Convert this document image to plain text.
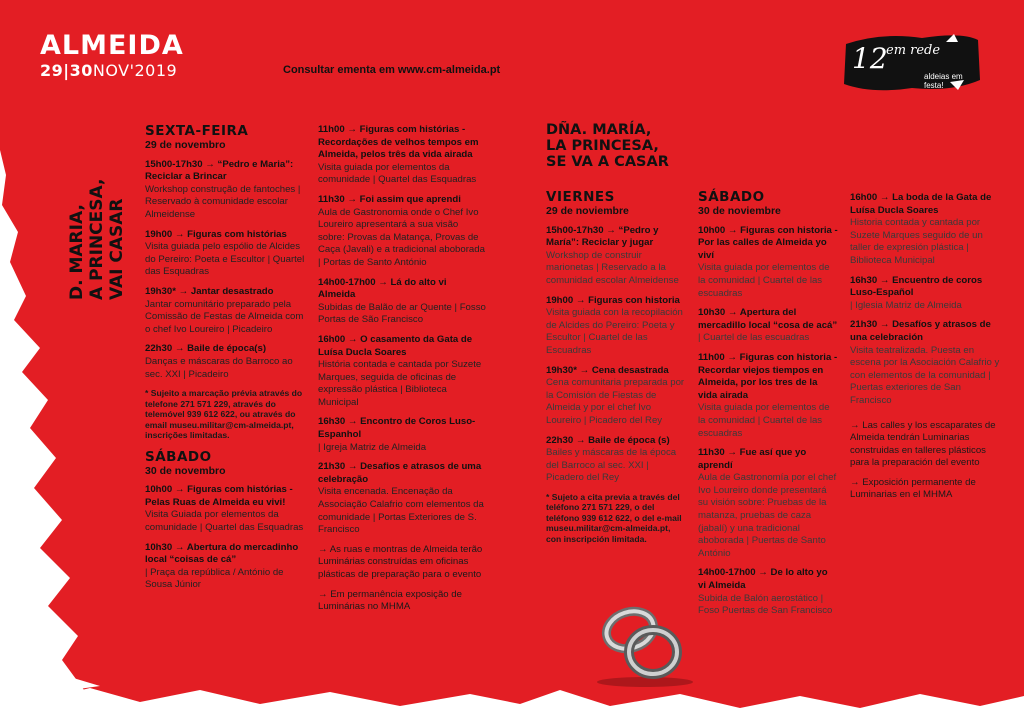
ALMEIDA
29|30NOV'2019	Consultar ementa em www.cm-almeida.pt	12
em rede
aldeias em festa!
D. MARIA, A PRINCESA, VAI CASAR
SEXTA-FEIRA
29 de novembro
15h00-17h30 → “Pedro e Maria”: Reciclar a Brincar
Workshop construção de fantoches | Reservado à comunidade escolar Almeidense
19h00 → Figuras com histórias
Visita guiada pelo espólio de Alcides do Pereiro: Poeta e Escultor | Quartel das Esquadras
19h30* → Jantar desastrado
Jantar comunitário preparado pela Comissão de Festas de Almeida com o chef Ivo Loureiro | Picadeiro
22h30 → Baile de época(s)
Danças e máscaras do Barroco ao sec. XXI | Picadeiro
* Sujeito a marcação prévia através do telefone 271 571 229, através do telemóvel 939 612 622, ou através do email museu.militar@cm-almeida.pt, inscrições limitadas.
SÁBADO
30 de novembro
10h00 → Figuras com histórias - Pelas Ruas de Almeida eu vivi!
Visita Guiada por elementos da comunidade | Quartel das Esquadras
10h30 → Abertura do mercadinho local “coisas de cá”
| Praça da república / António de Sousa Júnior
11h00 → Figuras com histórias - Recordações de velhos tempos em Almeida, pelos três da vida airada
Visita guiada por elementos da comunidade | Quartel das Esquadras
11h30 → Foi assim que aprendi
Aula de Gastronomia onde o Chef Ivo Loureiro apresentará a sua visão sobre: Provas da Matança, Provas de Caça (Javali) e a tradicional aboborada | Portas de Santo António
14h00-17h00 → Lá do alto vi Almeida
Subidas de Balão de ar Quente | Fosso Portas de São Francisco
16h00 → O casamento da Gata de Luísa Ducla Soares
História contada e cantada por Suzete Marques, seguida de oficinas de expressão plástica | Biblioteca Municipal
16h30 → Encontro de Coros Luso-Espanhol
| Igreja Matriz de Almeida
21h30 → Desafios e atrasos de uma celebração
Visita encenada. Encenação da Associação Calafrio com elementos da comunidade | Portas Exteriores de S. Francisco
→ As ruas e montras de Almeida terão Luminárias construídas em oficinas plásticas de preparação para o evento
→ Em permanência exposição de Luminárias no MHMA
DÑA. MARÍA,
LA PRINCESA,
SE VA A CASAR
VIERNES
29 de noviembre
15h00-17h30 → “Pedro y María”: Reciclar y jugar
Workshop de construir marionetas | Reservado a la comunidad escolar Almeidense
19h00 → Figuras con historia
Visita guiada con la recopilación de Alcides do Pereiro: Poeta y Escultor | Cuartel de las Escuadras
19h30* → Cena desastrada
Cena comunitaria preparada por la Comisión de Fiestas de Almeida y por el chef Ivo Loureiro | Picadero del Rey
22h30 → Baile de época (s)
Bailes y máscaras de la época del Barroco al sec. XXI | Picadero del Rey
* Sujeto a cita previa a través del teléfono 271 571 229, o del teléfono 939 612 622, o del e-mail museu.militar@cm-almeida.pt, con inscripción limitada.
SÁBADO
30 de noviembre
10h00 → Figuras con historia - Por las calles de Almeida yo viví
Visita guiada por elementos de la comunidad | Cuartel de las escuadras
10h30 → Apertura del mercadillo local “cosa de acá”
| Cuartel de las escuadras
11h00 → Figuras con historia - Recordar viejos tiempos en Almeida, por los tres de la vida airada
Visita guiada por elementos de la comunidad | Cuartel de las escuadras
11h30 → Fue así que yo aprendí
Aula de Gastronomía por el chef Ivo Loureiro donde presentará su visión sobre: Pruebas de la matanza, pruebas de caza (jabalí) y una tradicional aboborada | Puertas de Santo António
14h00-17h00 → De lo alto yo vi Almeida
Subida de Balón aerostático | Foso Puertas de San Francisco
16h00 → La boda de la Gata de Luísa Ducla Soares
Historia contada y cantada por Suzete Marques seguido de un taller de expresión plástica | Biblioteca Municipal
16h30 → Encuentro de coros Luso-Español
| Iglesia Matriz de Almeida
21h30 → Desafíos y atrasos de una celebración
Visita teatralizada. Puesta en escena por la Asociación Calafrio y con elementos de la comunidad | Puertas exteriores de San Francisco
→ Las calles y los escaparates de Almeida tendrán Luminarias construidas en talleres plásticos para la preparación del evento
→ Exposición permanente de Luminarias en el MHMA
